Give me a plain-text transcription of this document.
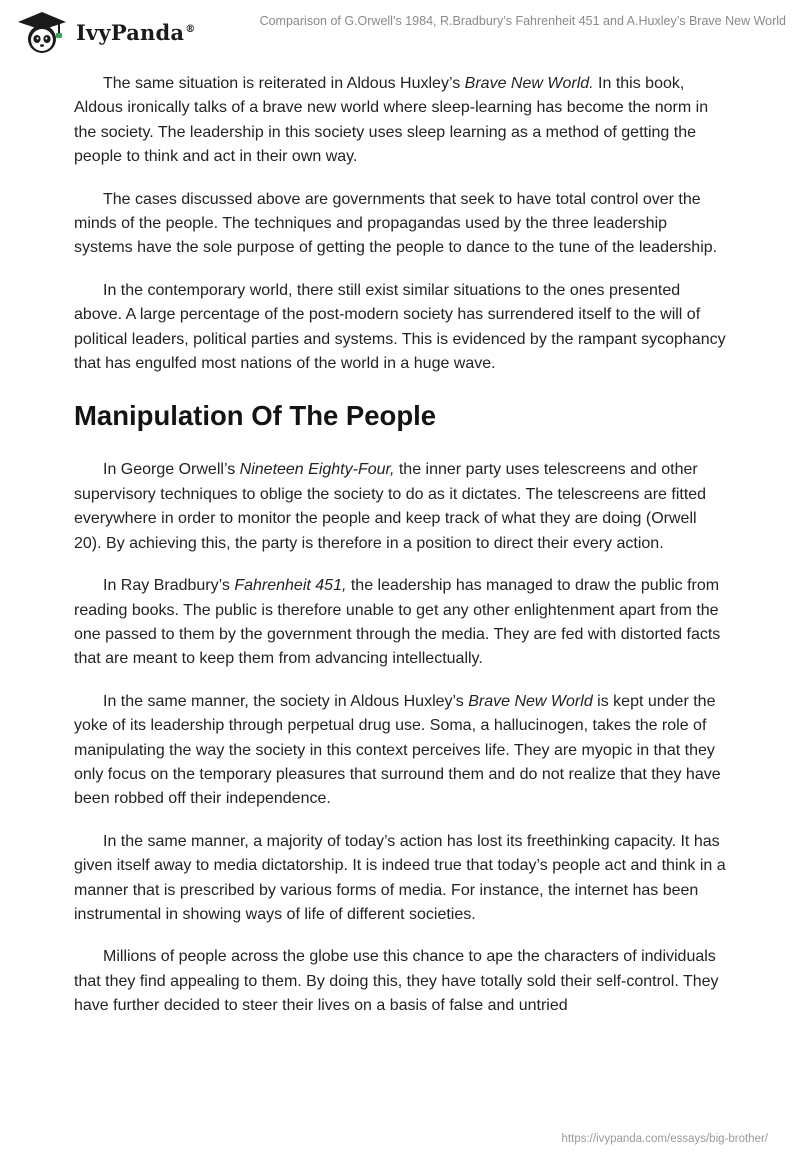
IvyPanda®
Comparison of G.Orwell’s 1984, R.Bradbury’s Fahrenheit 451 and A.Huxley’s Brave New World

The same situation is reiterated in Aldous Huxley’s Brave New World. In this book, Aldous ironically talks of a brave new world where sleep-learning has become the norm in the society. The leadership in this society uses sleep learning as a method of getting the people to think and act in their own way.

The cases discussed above are governments that seek to have total control over the minds of the people. The techniques and propagandas used by the three leadership systems have the sole purpose of getting the people to dance to the tune of the leadership.

In the contemporary world, there still exist similar situations to the ones presented above. A large percentage of the post-modern society has surrendered itself to the will of political leaders, political parties and systems. This is evidenced by the rampant sycophancy that has engulfed most nations of the world in a huge wave.

Manipulation Of The People

In George Orwell’s Nineteen Eighty-Four, the inner party uses telescreens and other supervisory techniques to oblige the society to do as it dictates. The telescreens are fitted everywhere in order to monitor the people and keep track of what they are doing (Orwell 20). By achieving this, the party is therefore in a position to direct their every action.

In Ray Bradbury’s Fahrenheit 451, the leadership has managed to draw the public from reading books. The public is therefore unable to get any other enlightenment apart from the one passed to them by the government through the media. They are fed with distorted facts that are meant to keep them from advancing intellectually.

In the same manner, the society in Aldous Huxley’s Brave New World is kept under the yoke of its leadership through perpetual drug use. Soma, a hallucinogen, takes the role of manipulating the way the society in this context perceives life. They are myopic in that they only focus on the temporary pleasures that surround them and do not realize that they have been robbed off their independence.

In the same manner, a majority of today’s action has lost its freethinking capacity. It has given itself away to media dictatorship. It is indeed true that today’s people act and think in a manner that is prescribed by various forms of media. For instance, the internet has been instrumental in showing ways of life of different societies.

Millions of people across the globe use this chance to ape the characters of individuals that they find appealing to them. By doing this, they have totally sold their self-control. They have further decided to steer their lives on a basis of false and untried

https://ivypanda.com/essays/big-brother/
